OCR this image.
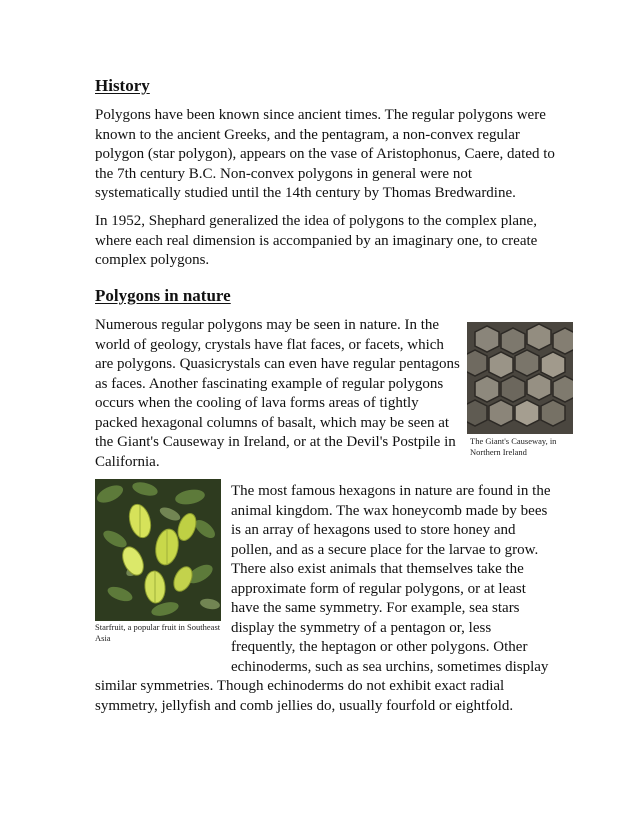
History

Polygons have been known since ancient times. The regular polygons were known to the ancient Greeks, and the pentagram, a non-convex regular polygon (star polygon), appears on the vase of Aristophonus, Caere, dated to the 7th century B.C. Non-convex polygons in general were not systematically studied until the 14th century by Thomas Bredwardine.

In 1952, Shephard generalized the idea of polygons to the complex plane, where each real dimension is accompanied by an imaginary one, to create complex polygons.

Polygons in nature
The Giant's Causeway, in Northern Ireland

Numerous regular polygons may be seen in nature. In the world of geology, crystals have flat faces, or facets, which are polygons. Quasicrystals can even have regular pentagons as faces. Another fascinating example of regular polygons occurs when the cooling of lava forms areas of tightly packed hexagonal columns of basalt, which may be seen at the Giant's Causeway in Ireland, or at the Devil's Postpile in California.

Starfruit, a popular fruit in Southeast Asia

The most famous hexagons in nature are found in the animal kingdom. The wax honeycomb made by bees is an array of hexagons used to store honey and pollen, and as a secure place for the larvae to grow. There also exist animals that themselves take the approximate form of regular polygons, or at least have the same symmetry. For example, sea stars display the symmetry of a pentagon or, less frequently, the heptagon or other polygons. Other echinoderms, such as sea urchins, sometimes display similar symmetries. Though echinoderms do not exhibit exact radial symmetry, jellyfish and comb jellies do, usually fourfold or eightfold.
